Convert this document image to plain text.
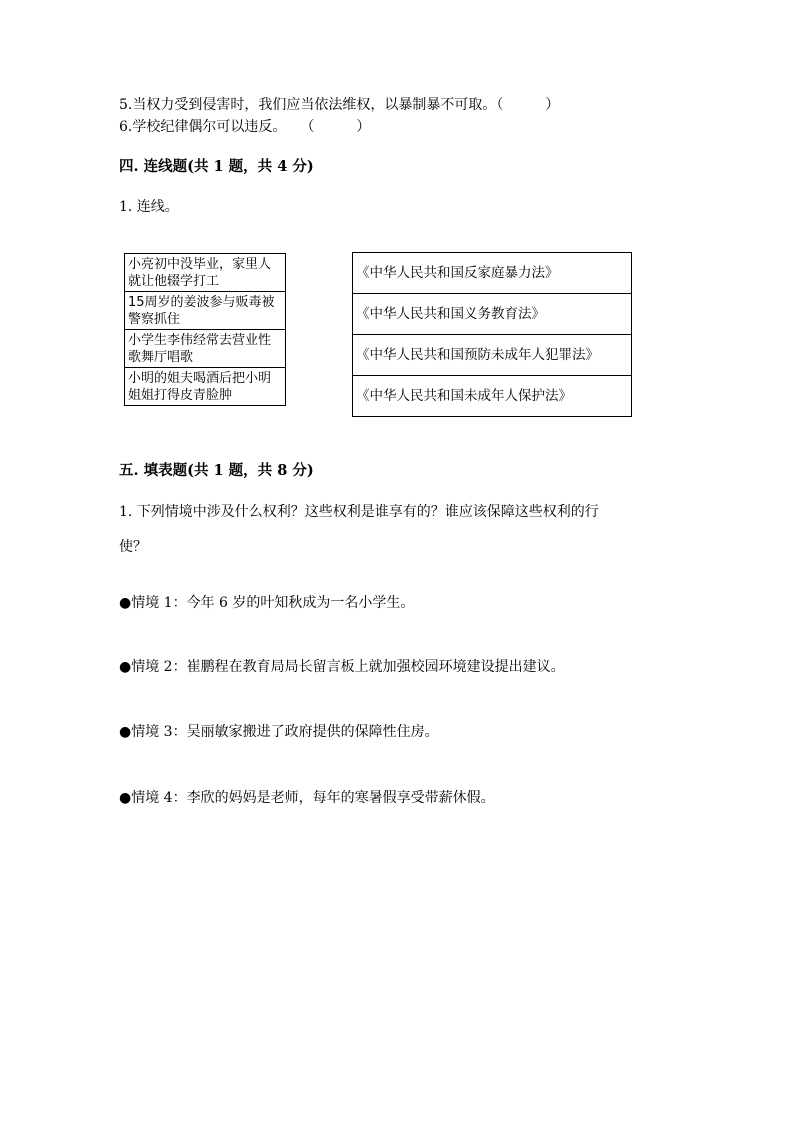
5.当权力受到侵害时，我们应当依法维权，以暴制暴不可取。（　　　）
6.学校纪律偶尔可以违反。　　（　　　）
四. 连线题(共 1 题，共 4 分)
1. 连线。
小亮初中没毕业，家里人就让他辍学打工
15周岁的姜波参与贩毒被警察抓住
小学生李伟经常去营业性歌舞厅唱歌
小明的姐夫喝酒后把小明姐姐打得皮青脸肿
《中华人民共和国反家庭暴力法》
《中华人民共和国义务教育法》
《中华人民共和国预防未成年人犯罪法》
《中华人民共和国未成年人保护法》
五. 填表题(共 1 题，共 8 分)
1. 下列情境中涉及什么权利？这些权利是谁享有的？谁应该保障这些权利的行
使？
●情境 1：今年 6 岁的叶知秋成为一名小学生。
●情境 2：崔鹏程在教育局局长留言板上就加强校园环境建设提出建议。
●情境 3：吴丽敏家搬进了政府提供的保障性住房。
●情境 4：李欣的妈妈是老师，每年的寒暑假享受带薪休假。
